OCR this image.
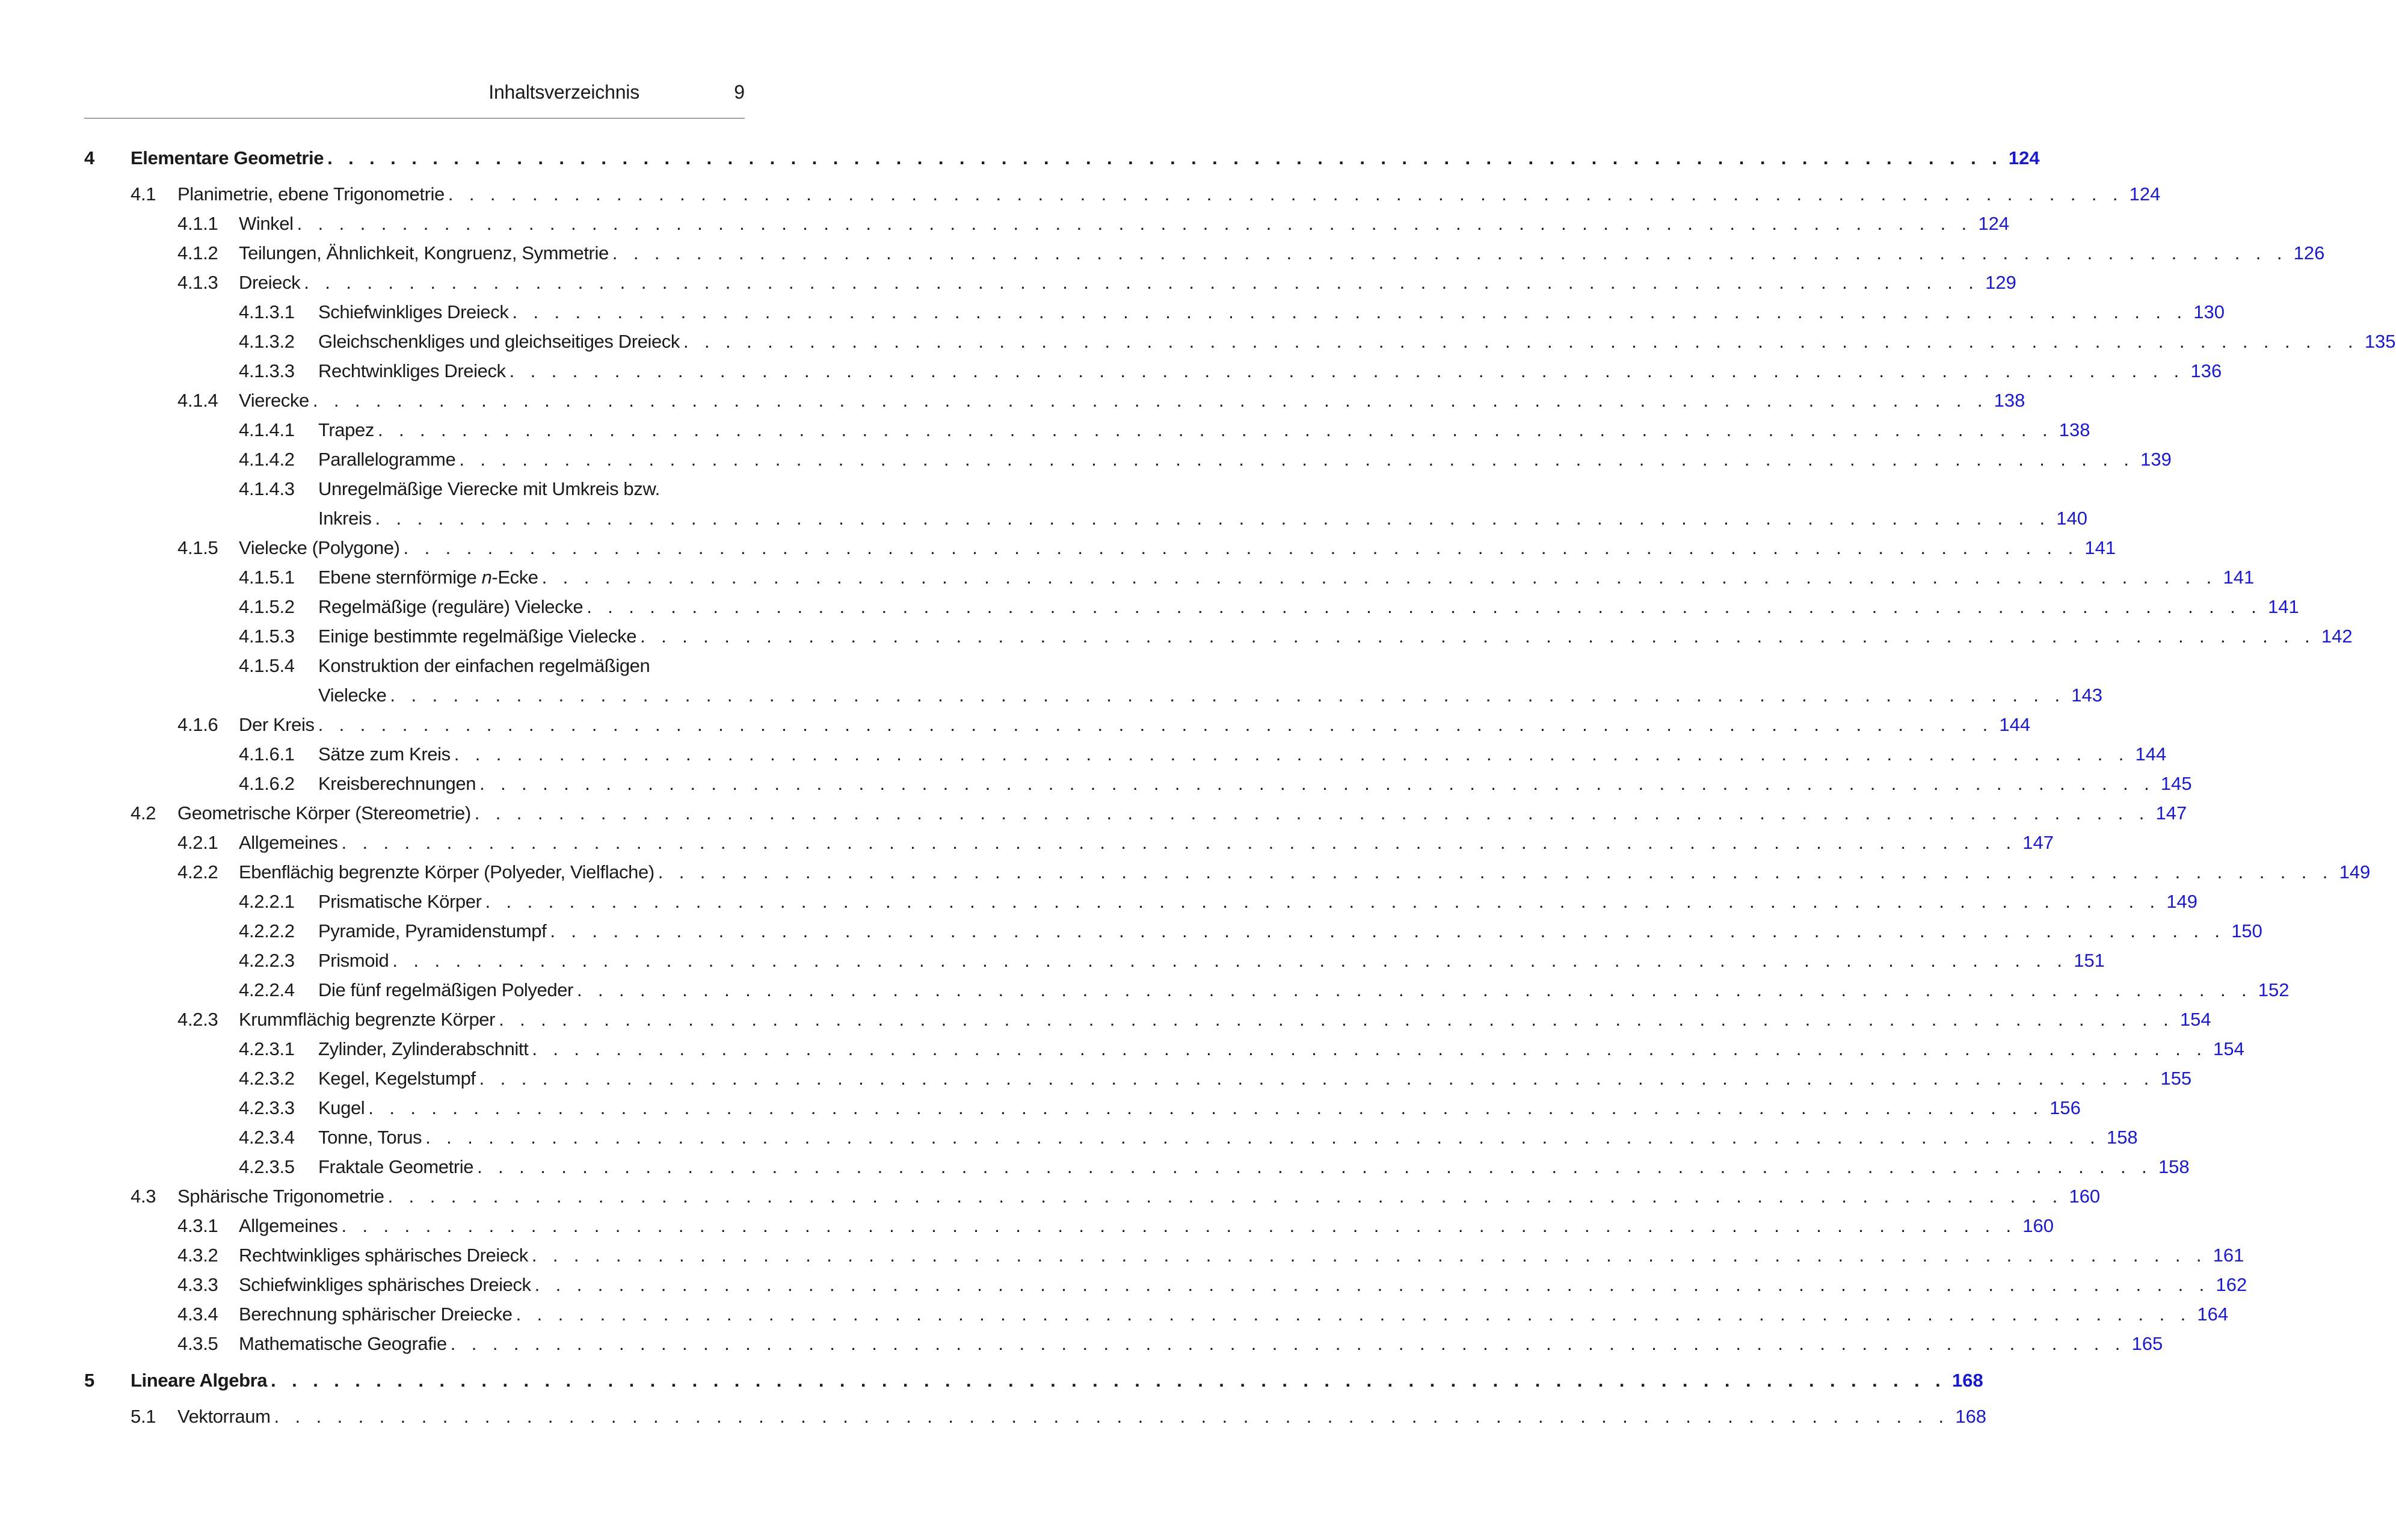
Inhaltsverzeichnis	9
4 Elementare Geometrie . . . . . . . . . . . . . . . . . . . . . . . . . . . . . . . . . . . . . . . . . . . . . . . . . . . . . . . . . . . . . . . . . . . . . . . . . . . . . . . . 124
4.1 Planimetrie, ebene Trigonometrie . . . . . . . . . . . . . . . . . . . . . . . . . . . . . . . . . . . . . . . . . . . . . . . . . . . . . . . . . . . . . . . . . . . . . . . . . . . . . . . . 124
4.1.1 Winkel . . . . . . . . . . . . . . . . . . . . . . . . . . . . . . . . . . . . . . . . . . . . . . . . . . . . . . . . . . . . . . . . . . . . . . . . . . . . . . . . 124
4.1.2 Teilungen, Ähnlichkeit, Kongruenz, Symmetrie . . . . . . . . . . . . . . . . . . . . . . . . . . . . . . . . . . . . . . . . . . . . . . . . . . . . . . . . . . . . . . . . . . . . . . . . . . . . . . . . 126
4.1.3 Dreieck . . . . . . . . . . . . . . . . . . . . . . . . . . . . . . . . . . . . . . . . . . . . . . . . . . . . . . . . . . . . . . . . . . . . . . . . . . . . . . . . 129
4.1.3.1 Schiefwinkliges Dreieck . . . . . . . . . . . . . . . . . . . . . . . . . . . . . . . . . . . . . . . . . . . . . . . . . . . . . . . . . . . . . . . . . . . . . . . . . . . . . . . . 130
4.1.3.2 Gleichschenkliges und gleichseitiges Dreieck . . . . . . . . . . . . . . . . . . . . . . . . . . . . . . . . . . . . . . . . . . . . . . . . . . . . . . . . . . . . . . . . . . . . . . . . . . . . . . . . 135
4.1.3.3 Rechtwinkliges Dreieck . . . . . . . . . . . . . . . . . . . . . . . . . . . . . . . . . . . . . . . . . . . . . . . . . . . . . . . . . . . . . . . . . . . . . . . . . . . . . . . . 136
4.1.4 Vierecke . . . . . . . . . . . . . . . . . . . . . . . . . . . . . . . . . . . . . . . . . . . . . . . . . . . . . . . . . . . . . . . . . . . . . . . . . . . . . . . . 138
4.1.4.1 Trapez . . . . . . . . . . . . . . . . . . . . . . . . . . . . . . . . . . . . . . . . . . . . . . . . . . . . . . . . . . . . . . . . . . . . . . . . . . . . . . . . 138
4.1.4.2 Parallelogramme . . . . . . . . . . . . . . . . . . . . . . . . . . . . . . . . . . . . . . . . . . . . . . . . . . . . . . . . . . . . . . . . . . . . . . . . . . . . . . . . 139
4.1.4.3 Unregelmäßige Vierecke mit Umkreis bzw.
Inkreis . . . . . . . . . . . . . . . . . . . . . . . . . . . . . . . . . . . . . . . . . . . . . . . . . . . . . . . . . . . . . . . . . . . . . . . . . . . . . . . . 140
4.1.5 Vielecke (Polygone) . . . . . . . . . . . . . . . . . . . . . . . . . . . . . . . . . . . . . . . . . . . . . . . . . . . . . . . . . . . . . . . . . . . . . . . . . . . . . . . . 141
4.1.5.1 Ebene sternförmige n-Ecke . . . . . . . . . . . . . . . . . . . . . . . . . . . . . . . . . . . . . . . . . . . . . . . . . . . . . . . . . . . . . . . . . . . . . . . . . . . . . . . . 141
4.1.5.2 Regelmäßige (reguläre) Vielecke . . . . . . . . . . . . . . . . . . . . . . . . . . . . . . . . . . . . . . . . . . . . . . . . . . . . . . . . . . . . . . . . . . . . . . . . . . . . . . . . 141
4.1.5.3 Einige bestimmte regelmäßige Vielecke . . . . . . . . . . . . . . . . . . . . . . . . . . . . . . . . . . . . . . . . . . . . . . . . . . . . . . . . . . . . . . . . . . . . . . . . . . . . . . . . 142
4.1.5.4 Konstruktion der einfachen regelmäßigen
Vielecke . . . . . . . . . . . . . . . . . . . . . . . . . . . . . . . . . . . . . . . . . . . . . . . . . . . . . . . . . . . . . . . . . . . . . . . . . . . . . . . . 143
4.1.6 Der Kreis . . . . . . . . . . . . . . . . . . . . . . . . . . . . . . . . . . . . . . . . . . . . . . . . . . . . . . . . . . . . . . . . . . . . . . . . . . . . . . . . 144
4.1.6.1 Sätze zum Kreis . . . . . . . . . . . . . . . . . . . . . . . . . . . . . . . . . . . . . . . . . . . . . . . . . . . . . . . . . . . . . . . . . . . . . . . . . . . . . . . . 144
4.1.6.2 Kreisberechnungen . . . . . . . . . . . . . . . . . . . . . . . . . . . . . . . . . . . . . . . . . . . . . . . . . . . . . . . . . . . . . . . . . . . . . . . . . . . . . . . . 145
4.2 Geometrische Körper (Stereometrie) . . . . . . . . . . . . . . . . . . . . . . . . . . . . . . . . . . . . . . . . . . . . . . . . . . . . . . . . . . . . . . . . . . . . . . . . . . . . . . . . 147
4.2.1 Allgemeines . . . . . . . . . . . . . . . . . . . . . . . . . . . . . . . . . . . . . . . . . . . . . . . . . . . . . . . . . . . . . . . . . . . . . . . . . . . . . . . . 147
4.2.2 Ebenflächig begrenzte Körper (Polyeder, Vielflache) . . . . . . . . . . . . . . . . . . . . . . . . . . . . . . . . . . . . . . . . . . . . . . . . . . . . . . . . . . . . . . . . . . . . . . . . . . . . . . . . 149
4.2.2.1 Prismatische Körper . . . . . . . . . . . . . . . . . . . . . . . . . . . . . . . . . . . . . . . . . . . . . . . . . . . . . . . . . . . . . . . . . . . . . . . . . . . . . . . . 149
4.2.2.2 Pyramide, Pyramidenstumpf . . . . . . . . . . . . . . . . . . . . . . . . . . . . . . . . . . . . . . . . . . . . . . . . . . . . . . . . . . . . . . . . . . . . . . . . . . . . . . . . 150
4.2.2.3 Prismoid . . . . . . . . . . . . . . . . . . . . . . . . . . . . . . . . . . . . . . . . . . . . . . . . . . . . . . . . . . . . . . . . . . . . . . . . . . . . . . . . 151
4.2.2.4 Die fünf regelmäßigen Polyeder . . . . . . . . . . . . . . . . . . . . . . . . . . . . . . . . . . . . . . . . . . . . . . . . . . . . . . . . . . . . . . . . . . . . . . . . . . . . . . . . 152
4.2.3 Krummflächig begrenzte Körper . . . . . . . . . . . . . . . . . . . . . . . . . . . . . . . . . . . . . . . . . . . . . . . . . . . . . . . . . . . . . . . . . . . . . . . . . . . . . . . . 154
4.2.3.1 Zylinder, Zylinderabschnitt . . . . . . . . . . . . . . . . . . . . . . . . . . . . . . . . . . . . . . . . . . . . . . . . . . . . . . . . . . . . . . . . . . . . . . . . . . . . . . . . 154
4.2.3.2 Kegel, Kegelstumpf . . . . . . . . . . . . . . . . . . . . . . . . . . . . . . . . . . . . . . . . . . . . . . . . . . . . . . . . . . . . . . . . . . . . . . . . . . . . . . . . 155
4.2.3.3 Kugel . . . . . . . . . . . . . . . . . . . . . . . . . . . . . . . . . . . . . . . . . . . . . . . . . . . . . . . . . . . . . . . . . . . . . . . . . . . . . . . . 156
4.2.3.4 Tonne, Torus . . . . . . . . . . . . . . . . . . . . . . . . . . . . . . . . . . . . . . . . . . . . . . . . . . . . . . . . . . . . . . . . . . . . . . . . . . . . . . . . 158
4.2.3.5 Fraktale Geometrie . . . . . . . . . . . . . . . . . . . . . . . . . . . . . . . . . . . . . . . . . . . . . . . . . . . . . . . . . . . . . . . . . . . . . . . . . . . . . . . . 158
4.3 Sphärische Trigonometrie . . . . . . . . . . . . . . . . . . . . . . . . . . . . . . . . . . . . . . . . . . . . . . . . . . . . . . . . . . . . . . . . . . . . . . . . . . . . . . . . 160
4.3.1 Allgemeines . . . . . . . . . . . . . . . . . . . . . . . . . . . . . . . . . . . . . . . . . . . . . . . . . . . . . . . . . . . . . . . . . . . . . . . . . . . . . . . . 160
4.3.2 Rechtwinkliges sphärisches Dreieck . . . . . . . . . . . . . . . . . . . . . . . . . . . . . . . . . . . . . . . . . . . . . . . . . . . . . . . . . . . . . . . . . . . . . . . . . . . . . . . . 161
4.3.3 Schiefwinkliges sphärisches Dreieck . . . . . . . . . . . . . . . . . . . . . . . . . . . . . . . . . . . . . . . . . . . . . . . . . . . . . . . . . . . . . . . . . . . . . . . . . . . . . . . . 162
4.3.4 Berechnung sphärischer Dreiecke . . . . . . . . . . . . . . . . . . . . . . . . . . . . . . . . . . . . . . . . . . . . . . . . . . . . . . . . . . . . . . . . . . . . . . . . . . . . . . . . 164
4.3.5 Mathematische Geografie . . . . . . . . . . . . . . . . . . . . . . . . . . . . . . . . . . . . . . . . . . . . . . . . . . . . . . . . . . . . . . . . . . . . . . . . . . . . . . . . 165
5 Lineare Algebra . . . . . . . . . . . . . . . . . . . . . . . . . . . . . . . . . . . . . . . . . . . . . . . . . . . . . . . . . . . . . . . . . . . . . . . . . . . . . . . . 168
5.1 Vektorraum . . . . . . . . . . . . . . . . . . . . . . . . . . . . . . . . . . . . . . . . . . . . . . . . . . . . . . . . . . . . . . . . . . . . . . . . . . . . . . . . 168
